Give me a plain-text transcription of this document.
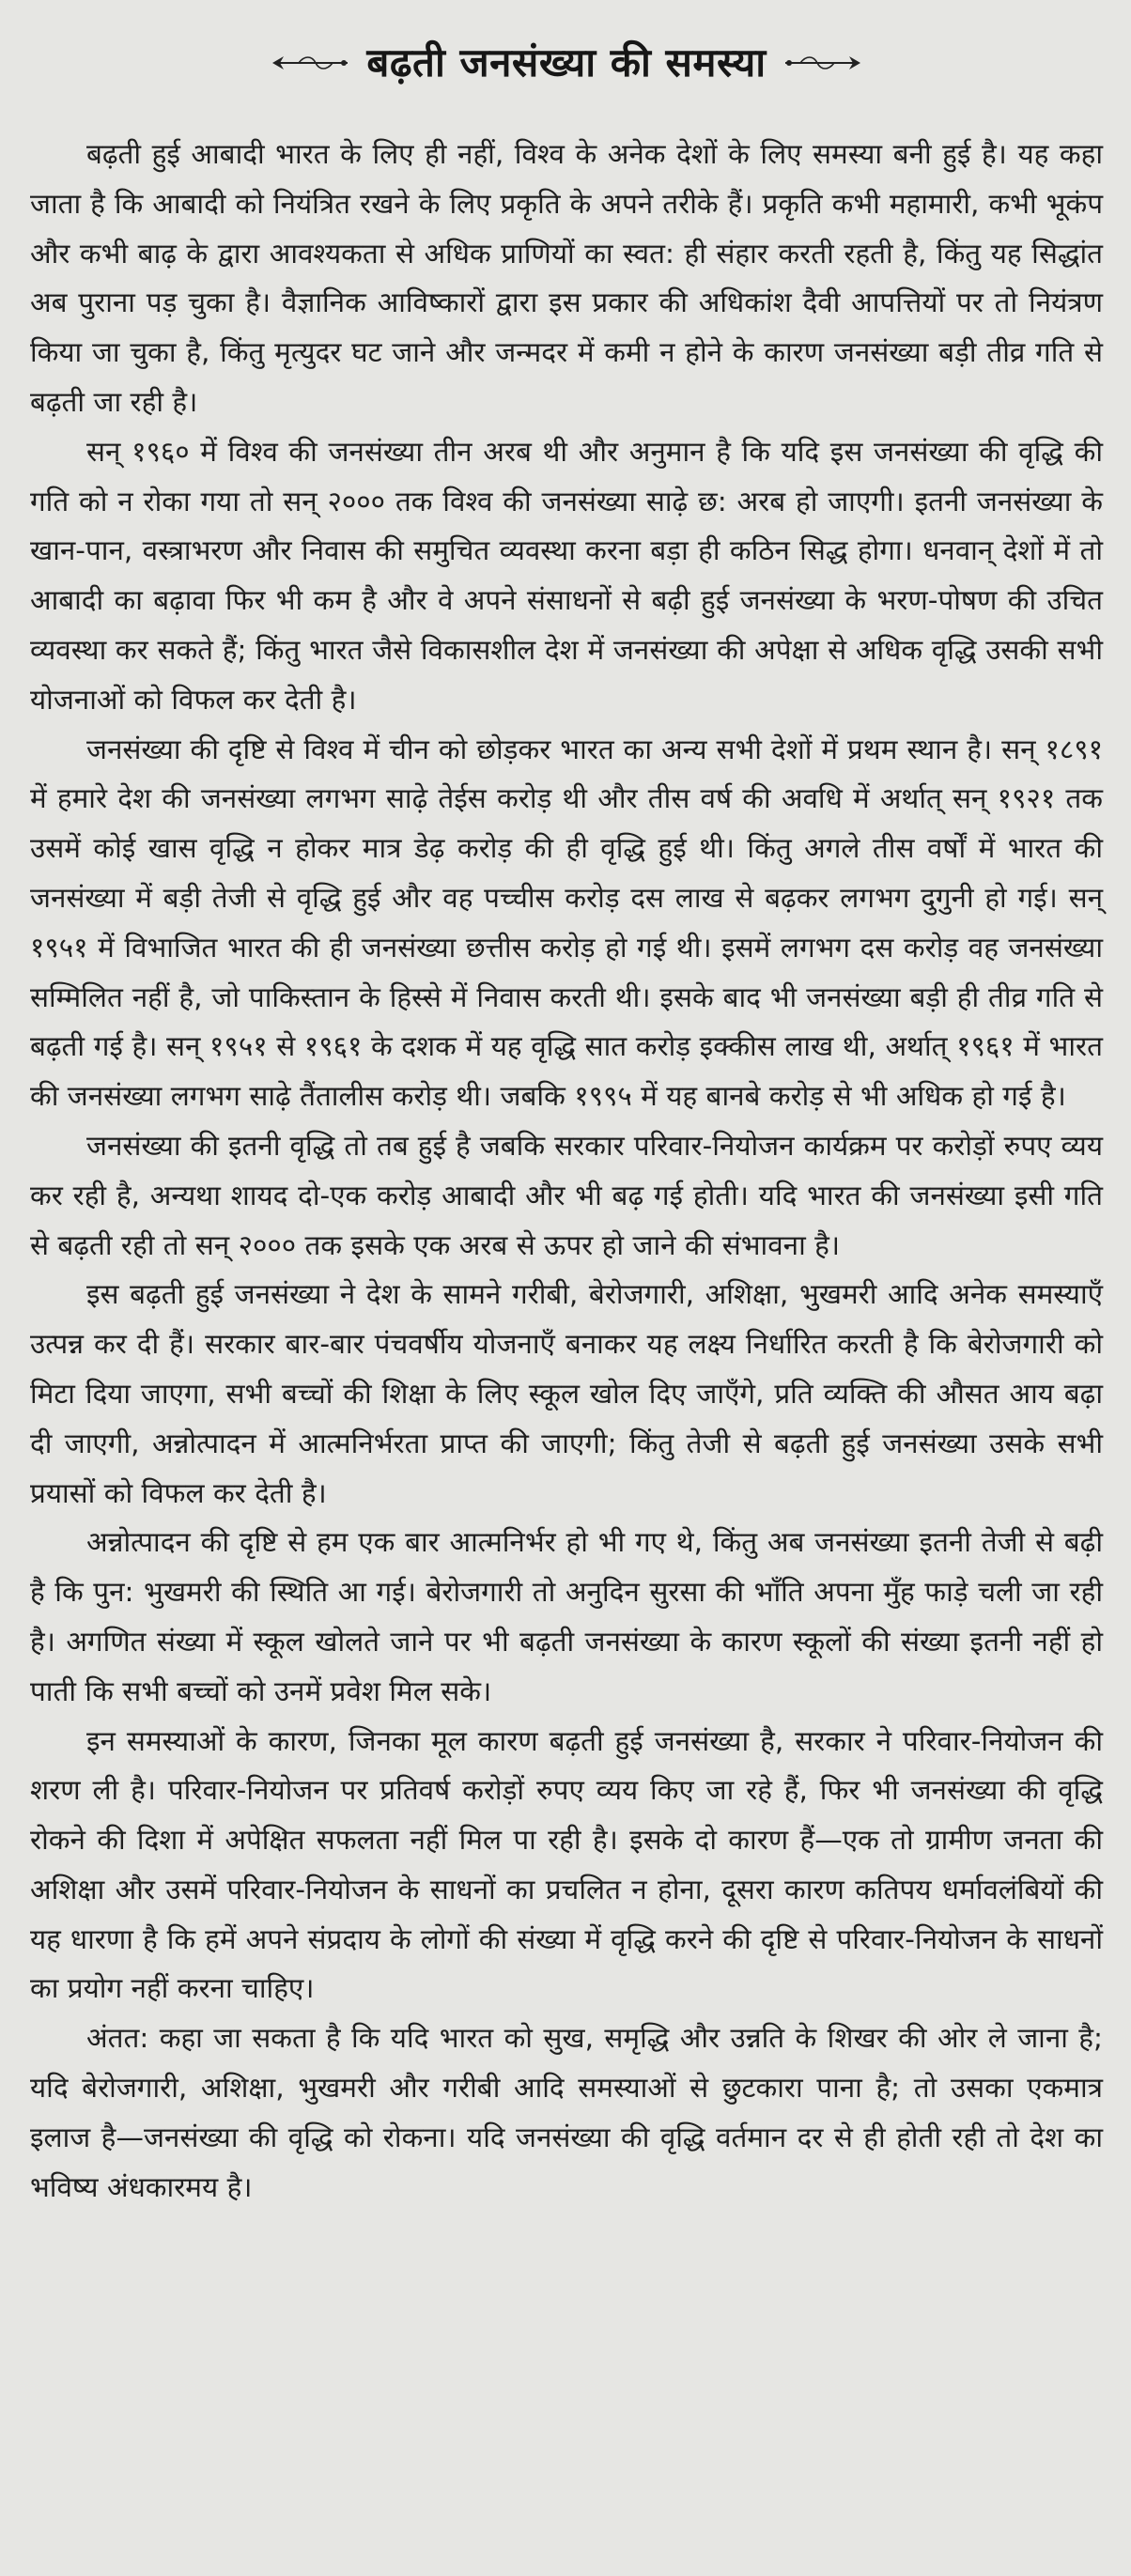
बढ़ती जनसंख्या की समस्या

बढ़ती हुई आबादी भारत के लिए ही नहीं, विश्व के अनेक देशों के लिए समस्या बनी हुई है। यह कहा जाता है कि आबादी को नियंत्रित रखने के लिए प्रकृति के अपने तरीके हैं। प्रकृति कभी महामारी, कभी भूकंप और कभी बाढ़ के द्वारा आवश्यकता से अधिक प्राणियों का स्वत: ही संहार करती रहती है, किंतु यह सिद्धांत अब पुराना पड़ चुका है। वैज्ञानिक आविष्कारों द्वारा इस प्रकार की अधिकांश दैवी आपत्तियों पर तो नियंत्रण किया जा चुका है, किंतु मृत्युदर घट जाने और जन्मदर में कमी न होने के कारण जनसंख्या बड़ी तीव्र गति से बढ़ती जा रही है।

सन् १९६० में विश्व की जनसंख्या तीन अरब थी और अनुमान है कि यदि इस जनसंख्या की वृद्धि की गति को न रोका गया तो सन् २००० तक विश्व की जनसंख्या साढ़े छ: अरब हो जाएगी। इतनी जनसंख्या के खान-पान, वस्त्राभरण और निवास की समुचित व्यवस्था करना बड़ा ही कठिन सिद्ध होगा। धनवान् देशों में तो आबादी का बढ़ावा फिर भी कम है और वे अपने संसाधनों से बढ़ी हुई जनसंख्या के भरण-पोषण की उचित व्यवस्था कर सकते हैं; किंतु भारत जैसे विकासशील देश में जनसंख्या की अपेक्षा से अधिक वृद्धि उसकी सभी योजनाओं को विफल कर देती है।

जनसंख्या की दृष्टि से विश्व में चीन को छोड़कर भारत का अन्य सभी देशों में प्रथम स्थान है। सन् १८९१ में हमारे देश की जनसंख्या लगभग साढ़े तेईस करोड़ थी और तीस वर्ष की अवधि में अर्थात् सन् १९२१ तक उसमें कोई खास वृद्धि न होकर मात्र डेढ़ करोड़ की ही वृद्धि हुई थी। किंतु अगले तीस वर्षों में भारत की जनसंख्या में बड़ी तेजी से वृद्धि हुई और वह पच्चीस करोड़ दस लाख से बढ़कर लगभग दुगुनी हो गई। सन् १९५१ में विभाजित भारत की ही जनसंख्या छत्तीस करोड़ हो गई थी। इसमें लगभग दस करोड़ वह जनसंख्या सम्मिलित नहीं है, जो पाकिस्तान के हिस्से में निवास करती थी। इसके बाद भी जनसंख्या बड़ी ही तीव्र गति से बढ़ती गई है। सन् १९५१ से १९६१ के दशक में यह वृद्धि सात करोड़ इक्कीस लाख थी, अर्थात् १९६१ में भारत की जनसंख्या लगभग साढ़े तैंतालीस करोड़ थी। जबकि १९९५ में यह बानबे करोड़ से भी अधिक हो गई है।

जनसंख्या की इतनी वृद्धि तो तब हुई है जबकि सरकार परिवार-नियोजन कार्यक्रम पर करोड़ों रुपए व्यय कर रही है, अन्यथा शायद दो-एक करोड़ आबादी और भी बढ़ गई होती। यदि भारत की जनसंख्या इसी गति से बढ़ती रही तो सन् २००० तक इसके एक अरब से ऊपर हो जाने की संभावना है।

इस बढ़ती हुई जनसंख्या ने देश के सामने गरीबी, बेरोजगारी, अशिक्षा, भुखमरी आदि अनेक समस्याएँ उत्पन्न कर दी हैं। सरकार बार-बार पंचवर्षीय योजनाएँ बनाकर यह लक्ष्य निर्धारित करती है कि बेरोजगारी को मिटा दिया जाएगा, सभी बच्चों की शिक्षा के लिए स्कूल खोल दिए जाएँगे, प्रति व्यक्ति की औसत आय बढ़ा दी जाएगी, अन्नोत्पादन में आत्मनिर्भरता प्राप्त की जाएगी; किंतु तेजी से बढ़ती हुई जनसंख्या उसके सभी प्रयासों को विफल कर देती है।

अन्नोत्पादन की दृष्टि से हम एक बार आत्मनिर्भर हो भी गए थे, किंतु अब जनसंख्या इतनी तेजी से बढ़ी है कि पुन: भुखमरी की स्थिति आ गई। बेरोजगारी तो अनुदिन सुरसा की भाँति अपना मुँह फाड़े चली जा रही है। अगणित संख्या में स्कूल खोलते जाने पर भी बढ़ती जनसंख्या के कारण स्कूलों की संख्या इतनी नहीं हो पाती कि सभी बच्चों को उनमें प्रवेश मिल सके।

इन समस्याओं के कारण, जिनका मूल कारण बढ़ती हुई जनसंख्या है, सरकार ने परिवार-नियोजन की शरण ली है। परिवार-नियोजन पर प्रतिवर्ष करोड़ों रुपए व्यय किए जा रहे हैं, फिर भी जनसंख्या की वृद्धि रोकने की दिशा में अपेक्षित सफलता नहीं मिल पा रही है। इसके दो कारण हैं—एक तो ग्रामीण जनता की अशिक्षा और उसमें परिवार-नियोजन के साधनों का प्रचलित न होना, दूसरा कारण कतिपय धर्मावलंबियों की यह धारणा है कि हमें अपने संप्रदाय के लोगों की संख्या में वृद्धि करने की दृष्टि से परिवार-नियोजन के साधनों का प्रयोग नहीं करना चाहिए।

अंतत: कहा जा सकता है कि यदि भारत को सुख, समृद्धि और उन्नति के शिखर की ओर ले जाना है; यदि बेरोजगारी, अशिक्षा, भुखमरी और गरीबी आदि समस्याओं से छुटकारा पाना है; तो उसका एकमात्र इलाज है—जनसंख्या की वृद्धि को रोकना। यदि जनसंख्या की वृद्धि वर्तमान दर से ही होती रही तो देश का भविष्य अंधकारमय है।
